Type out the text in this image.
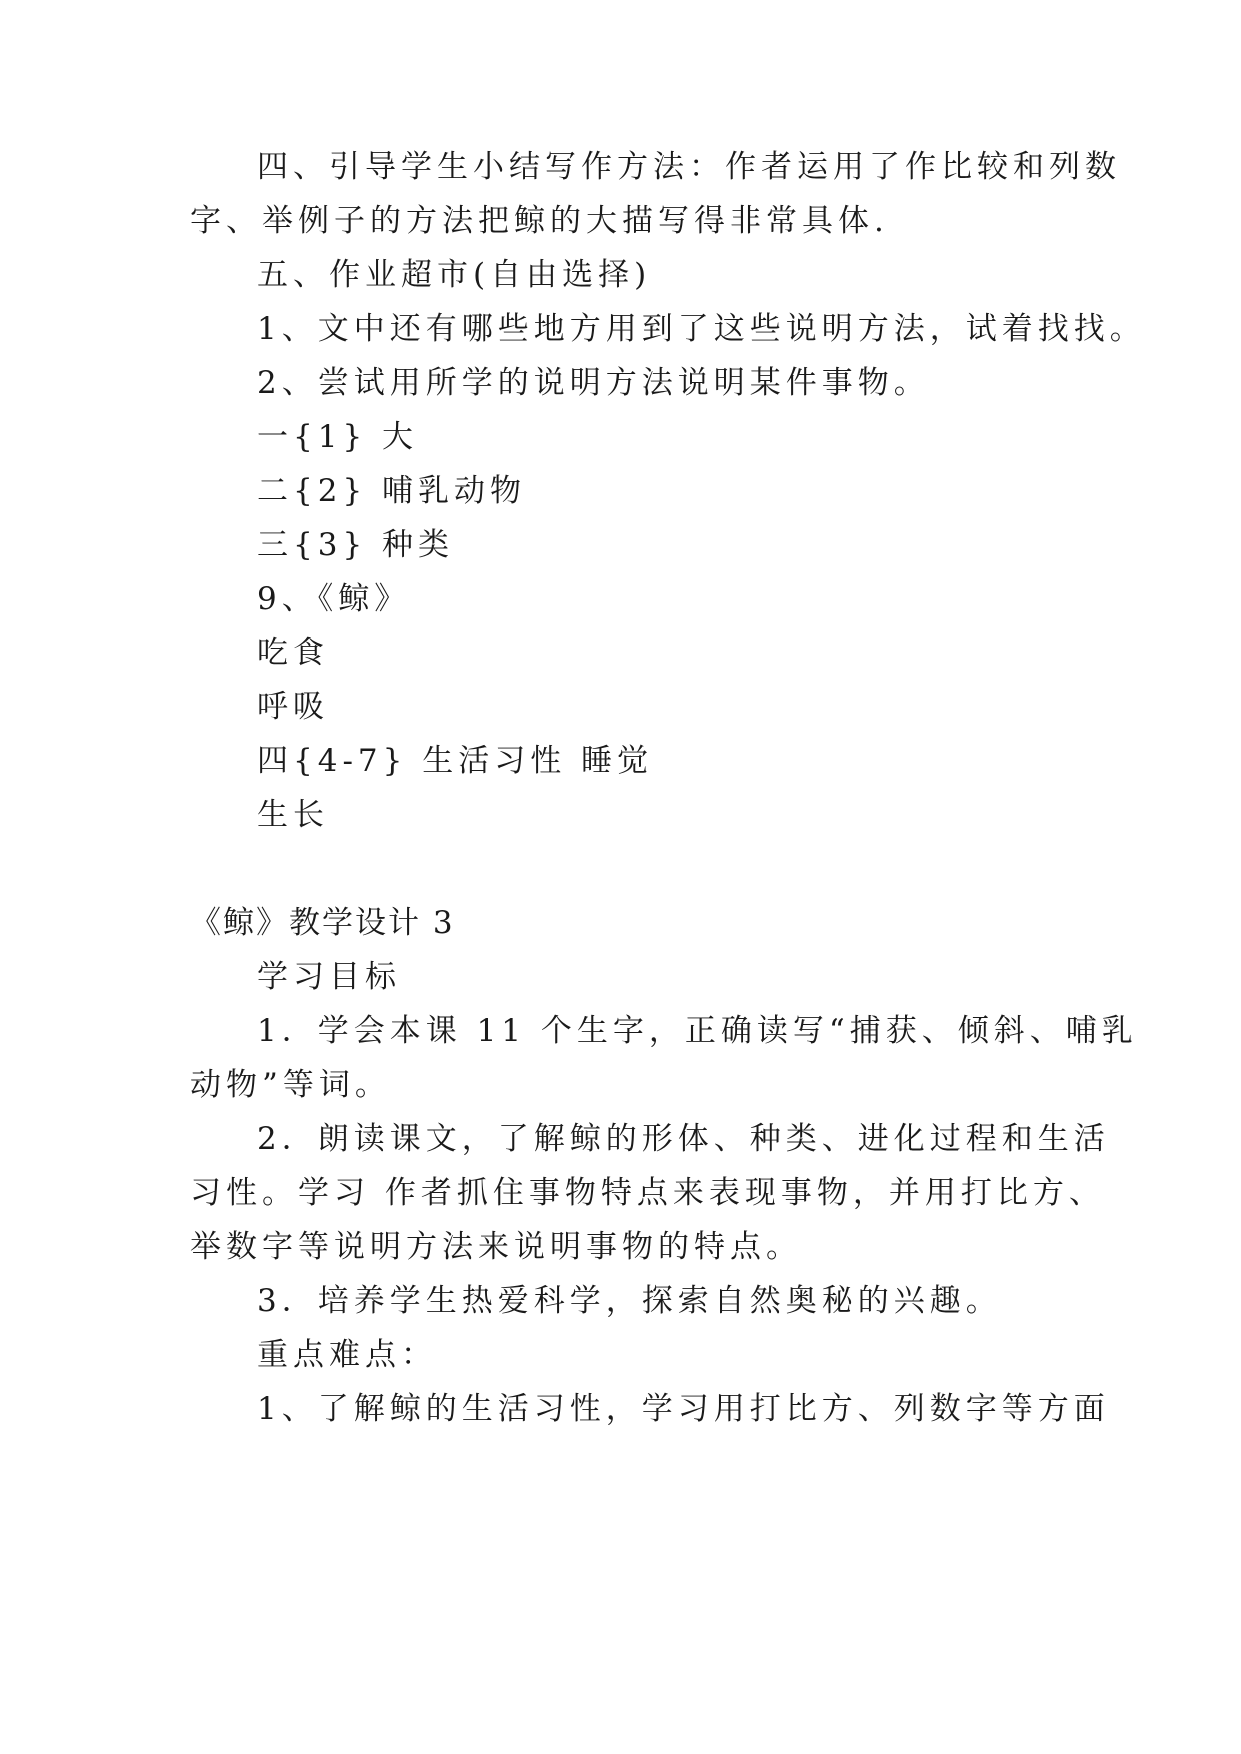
四、引导学生小结写作方法：作者运用了作比较和列数
字、举例子的方法把鲸的大描写得非常具体.
五、作业超市(自由选择)
1、文中还有哪些地方用到了这些说明方法，试着找找。
2、尝试用所学的说明方法说明某件事物。
一{1} 大
二{2} 哺乳动物
三{3} 种类
9、《鲸》
吃食
呼吸
四{4-7} 生活习性 睡觉
生长
《鲸》教学设计 3
学习目标
1．学会本课 11 个生字，正确读写“捕获、倾斜、哺乳
动物”等词。
2．朗读课文，了解鲸的形体、种类、进化过程和生活
习性。学习 作者抓住事物特点来表现事物，并用打比方、
举数字等说明方法来说明事物的特点。
3．培养学生热爱科学，探索自然奥秘的兴趣。
重点难点：
1、了解鲸的生活习性，学习用打比方、列数字等方面
